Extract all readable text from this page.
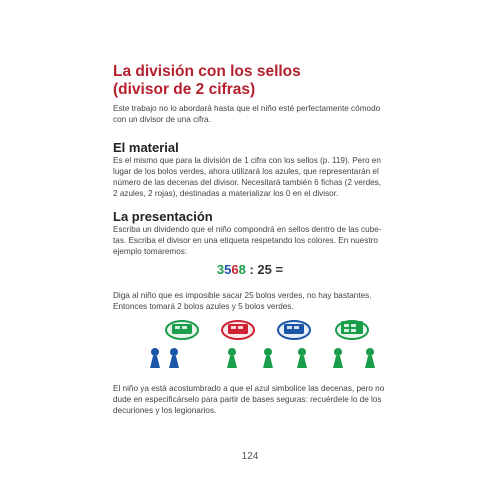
La división con los sellos
(divisor de 2 cifras)
Este trabajo no lo abordará hasta que el niño esté perfectamente cómodo
con un divisor de una cifra.
El material
Es el mismo que para la división de 1 cifra con los sellos (p. 119). Pero en
lugar de los bolos verdes, ahora utilizará los azules, que representarán el
número de las decenas del divisor. Necesitará también 6 fichas (2 verdes,
2 azules, 2 rojas), destinadas a materializar los 0 en el divisor.
La presentación
Escriba un dividendo que el niño compondrá en sellos dentro de las cube-
tas. Escriba el divisor en una etiqueta respetando los colores. En nuestro
ejemplo tomaremos:
3568 : 25 =
Diga al niño que es imposible sacar 25 bolos verdes, no hay bastantes.
Entonces tomará 2 bolos azules y 5 bolos verdes.
El niño ya está acostumbrado a que el azul simbolice las decenas, pero no
dude en especificárselo para partir de bases seguras: recuérdele lo de los
decuriones y los legionarios.
124
